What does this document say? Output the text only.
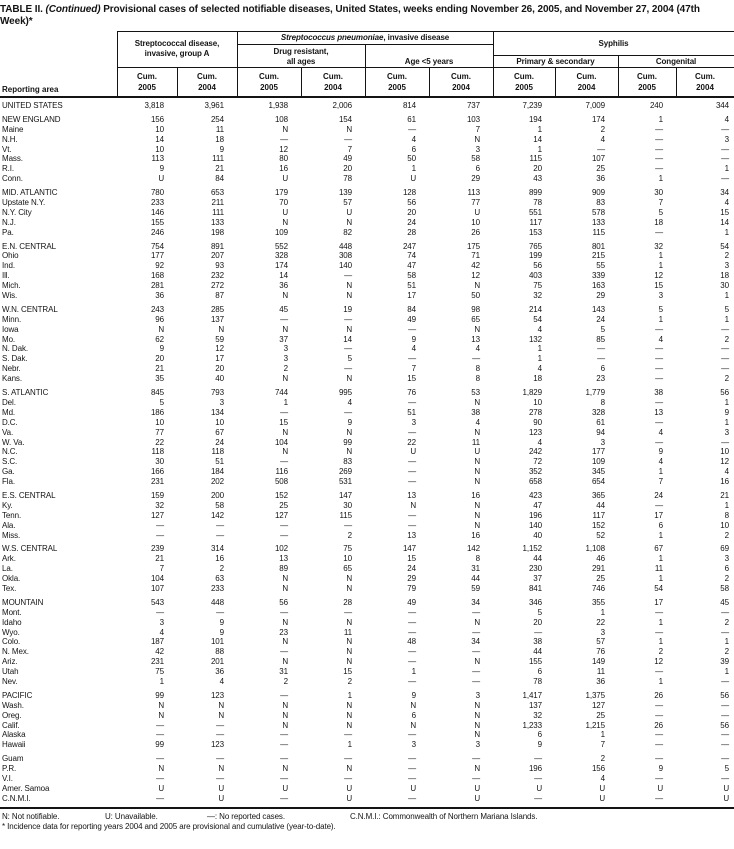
TABLE II. (Continued) Provisional cases of selected notifiable diseases, United States, weeks ending November 26, 2005, and November 27, 2004 (47th Week)*
Streptococcus pneumoniae, invasive disease
Syphilis
Streptococcal disease,
invasive, group A	Drug resistant,
all ages	Age <5 years	Primary & secondary	Congenital
Cum.
2005
Cum.
2004
Cum.
2005
Cum.
2004
Cum.
2005
Cum.
2004
Cum.
2005
Cum.
2004
Cum.
2005
Cum.
2004
Reporting area
UNITED STATES	3,818	3,961	1,938	2,006	814	737	7,239	7,009	240	344
NEW ENGLAND	156	254	108	154	61	103	194	174	1	4
Maine	10	11	N	N	—	7	1	2	—	—
N.H.	14	18	—	—	4	N	14	4	—	3
Vt.	10	9	12	7	6	3	1	—	—	—
Mass.	113	111	80	49	50	58	115	107	—	—
R.I.	9	21	16	20	1	6	20	25	—	1
Conn.	U	84	U	78	U	29	43	36	1	—
MID. ATLANTIC	780	653	179	139	128	113	899	909	30	34
Upstate N.Y.	233	211	70	57	56	77	78	83	7	4
N.Y. City	146	111	U	U	20	U	551	578	5	15
N.J.	155	133	N	N	24	10	117	133	18	14
Pa.	246	198	109	82	28	26	153	115	—	1
E.N. CENTRAL	754	891	552	448	247	175	765	801	32	54
Ohio	177	207	328	308	74	71	199	215	1	2
Ind.	92	93	174	140	47	42	56	55	1	3
Ill.	168	232	14	—	58	12	403	339	12	18
Mich.	281	272	36	N	51	N	75	163	15	30
Wis.	36	87	N	N	17	50	32	29	3	1
W.N. CENTRAL	243	285	45	19	84	98	214	143	5	5
Minn.	96	137	—	—	49	65	54	24	1	1
Iowa	N	N	N	N	—	N	4	5	—	—
Mo.	62	59	37	14	9	13	132	85	4	2
N. Dak.	9	12	3	—	4	4	1	—	—	—
S. Dak.	20	17	3	5	—	—	1	—	—	—
Nebr.	21	20	2	—	7	8	4	6	—	—
Kans.	35	40	N	N	15	8	18	23	—	2
S. ATLANTIC	845	793	744	995	76	53	1,829	1,779	38	56
Del.	5	3	1	4	—	N	10	8	—	1
Md.	186	134	—	—	51	38	278	328	13	9
D.C.	10	10	15	9	3	4	90	61	—	1
Va.	77	67	N	N	—	N	123	94	4	3
W. Va.	22	24	104	99	22	11	4	3	—	—
N.C.	118	118	N	N	U	U	242	177	9	10
S.C.	30	51	—	83	—	N	72	109	4	12
Ga.	166	184	116	269	—	N	352	345	1	4
Fla.	231	202	508	531	—	N	658	654	7	16
E.S. CENTRAL	159	200	152	147	13	16	423	365	24	21
Ky.	32	58	25	30	N	N	47	44	—	1
Tenn.	127	142	127	115	—	N	196	117	17	8
Ala.	—	—	—	—	—	N	140	152	6	10
Miss.	—	—	—	2	13	16	40	52	1	2
W.S. CENTRAL	239	314	102	75	147	142	1,152	1,108	67	69
Ark.	21	16	13	10	15	8	44	46	1	3
La.	7	2	89	65	24	31	230	291	11	6
Okla.	104	63	N	N	29	44	37	25	1	2
Tex.	107	233	N	N	79	59	841	746	54	58
MOUNTAIN	543	448	56	28	49	34	346	355	17	45
Mont.	—	—	—	—	—	—	5	1	—	—
Idaho	3	9	N	N	—	N	20	22	1	2
Wyo.	4	9	23	11	—	—	—	3	—	—
Colo.	187	101	N	N	48	34	38	57	1	1
N. Mex.	42	88	—	N	—	—	44	76	2	2
Ariz.	231	201	N	N	—	N	155	149	12	39
Utah	75	36	31	15	1	—	6	11	—	1
Nev.	1	4	2	2	—	—	78	36	1	—
PACIFIC	99	123	—	1	9	3	1,417	1,375	26	56
Wash.	N	N	N	N	N	N	137	127	—	—
Oreg.	N	N	N	N	6	N	32	25	—	—
Calif.	—	—	N	N	N	N	1,233	1,215	26	56
Alaska	—	—	—	—	—	N	6	1	—	—
Hawaii	99	123	—	1	3	3	9	7	—	—
Guam	—	—	—	—	—	—	—	2	—	—
P.R.	N	N	N	N	—	N	196	156	9	5
V.I.	—	—	—	—	—	—	—	4	—	—
Amer. Samoa	U	U	U	U	U	U	U	U	U	U
C.N.M.I.	—	U	—	U	—	U	—	U	—	U
N: Not notifiable.	U: Unavailable.	—: No reported cases.	C.N.M.I.: Commonwealth of Northern Mariana Islands.
* Incidence data for reporting years 2004 and 2005 are provisional and cumulative (year-to-date).
